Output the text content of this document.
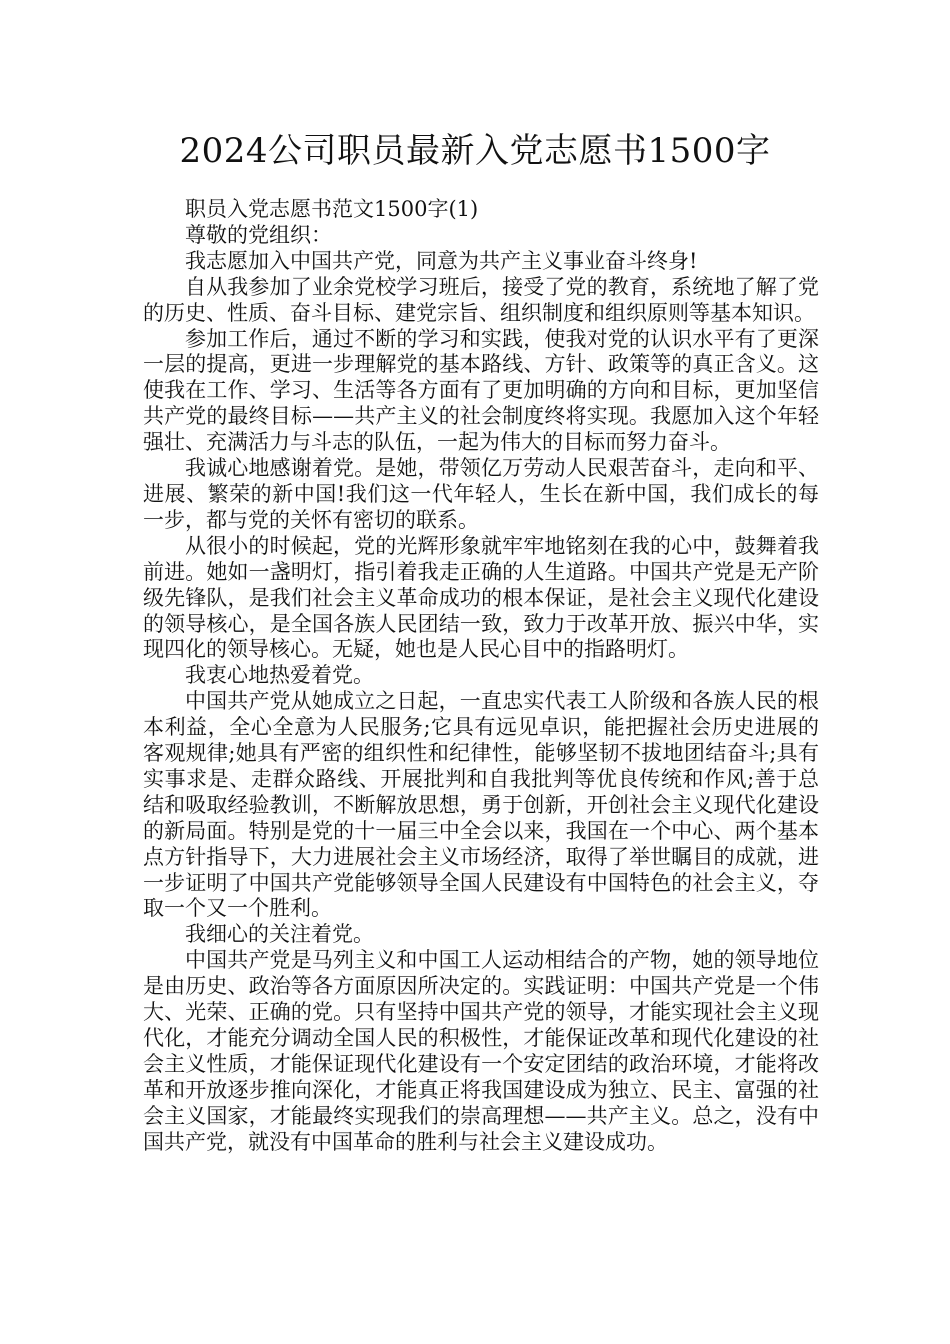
2024公司职员最新入党志愿书1500字

职员入党志愿书范文1500字(1)

尊敬的党组织：

我志愿加入中国共产党，同意为共产主义事业奋斗终身!

自从我参加了业余党校学习班后，接受了党的教育，系统地了解了党的历史、性质、奋斗目标、建党宗旨、组织制度和组织原则等基本知识。

参加工作后，通过不断的学习和实践，使我对党的认识水平有了更深一层的提高，更进一步理解党的基本路线、方针、政策等的真正含义。这使我在工作、学习、生活等各方面有了更加明确的方向和目标，更加坚信共产党的最终目标——共产主义的社会制度终将实现。我愿加入这个年轻强壮、充满活力与斗志的队伍，一起为伟大的目标而努力奋斗。

我诚心地感谢着党。是她，带领亿万劳动人民艰苦奋斗，走向和平、进展、繁荣的新中国!我们这一代年轻人，生长在新中国，我们成长的每一步，都与党的关怀有密切的联系。

从很小的时候起，党的光辉形象就牢牢地铭刻在我的心中，鼓舞着我前进。她如一盏明灯，指引着我走正确的人生道路。中国共产党是无产阶级先锋队，是我们社会主义革命成功的根本保证，是社会主义现代化建设的领导核心，是全国各族人民团结一致，致力于改革开放、振兴中华，实现四化的领导核心。无疑，她也是人民心目中的指路明灯。

我衷心地热爱着党。

中国共产党从她成立之日起，一直忠实代表工人阶级和各族人民的根本利益，全心全意为人民服务;它具有远见卓识，能把握社会历史进展的客观规律;她具有严密的组织性和纪律性，能够坚韧不拔地团结奋斗;具有实事求是、走群众路线、开展批判和自我批判等优良传统和作风;善于总结和吸取经验教训，不断解放思想，勇于创新，开创社会主义现代化建设的新局面。特别是党的十一届三中全会以来，我国在一个中心、两个基本点方针指导下，大力进展社会主义市场经济，取得了举世瞩目的成就，进一步证明了中国共产党能够领导全国人民建设有中国特色的社会主义，夺取一个又一个胜利。

我细心的关注着党。

中国共产党是马列主义和中国工人运动相结合的产物，她的领导地位是由历史、政治等各方面原因所决定的。实践证明：中国共产党是一个伟大、光荣、正确的党。只有坚持中国共产党的领导，才能实现社会主义现代化，才能充分调动全国人民的积极性，才能保证改革和现代化建设的社会主义性质，才能保证现代化建设有一个安定团结的政治环境，才能将改革和开放逐步推向深化，才能真正将我国建设成为独立、民主、富强的社会主义国家，才能最终实现我们的崇高理想——共产主义。总之，没有中国共产党，就没有中国革命的胜利与社会主义建设成功。
